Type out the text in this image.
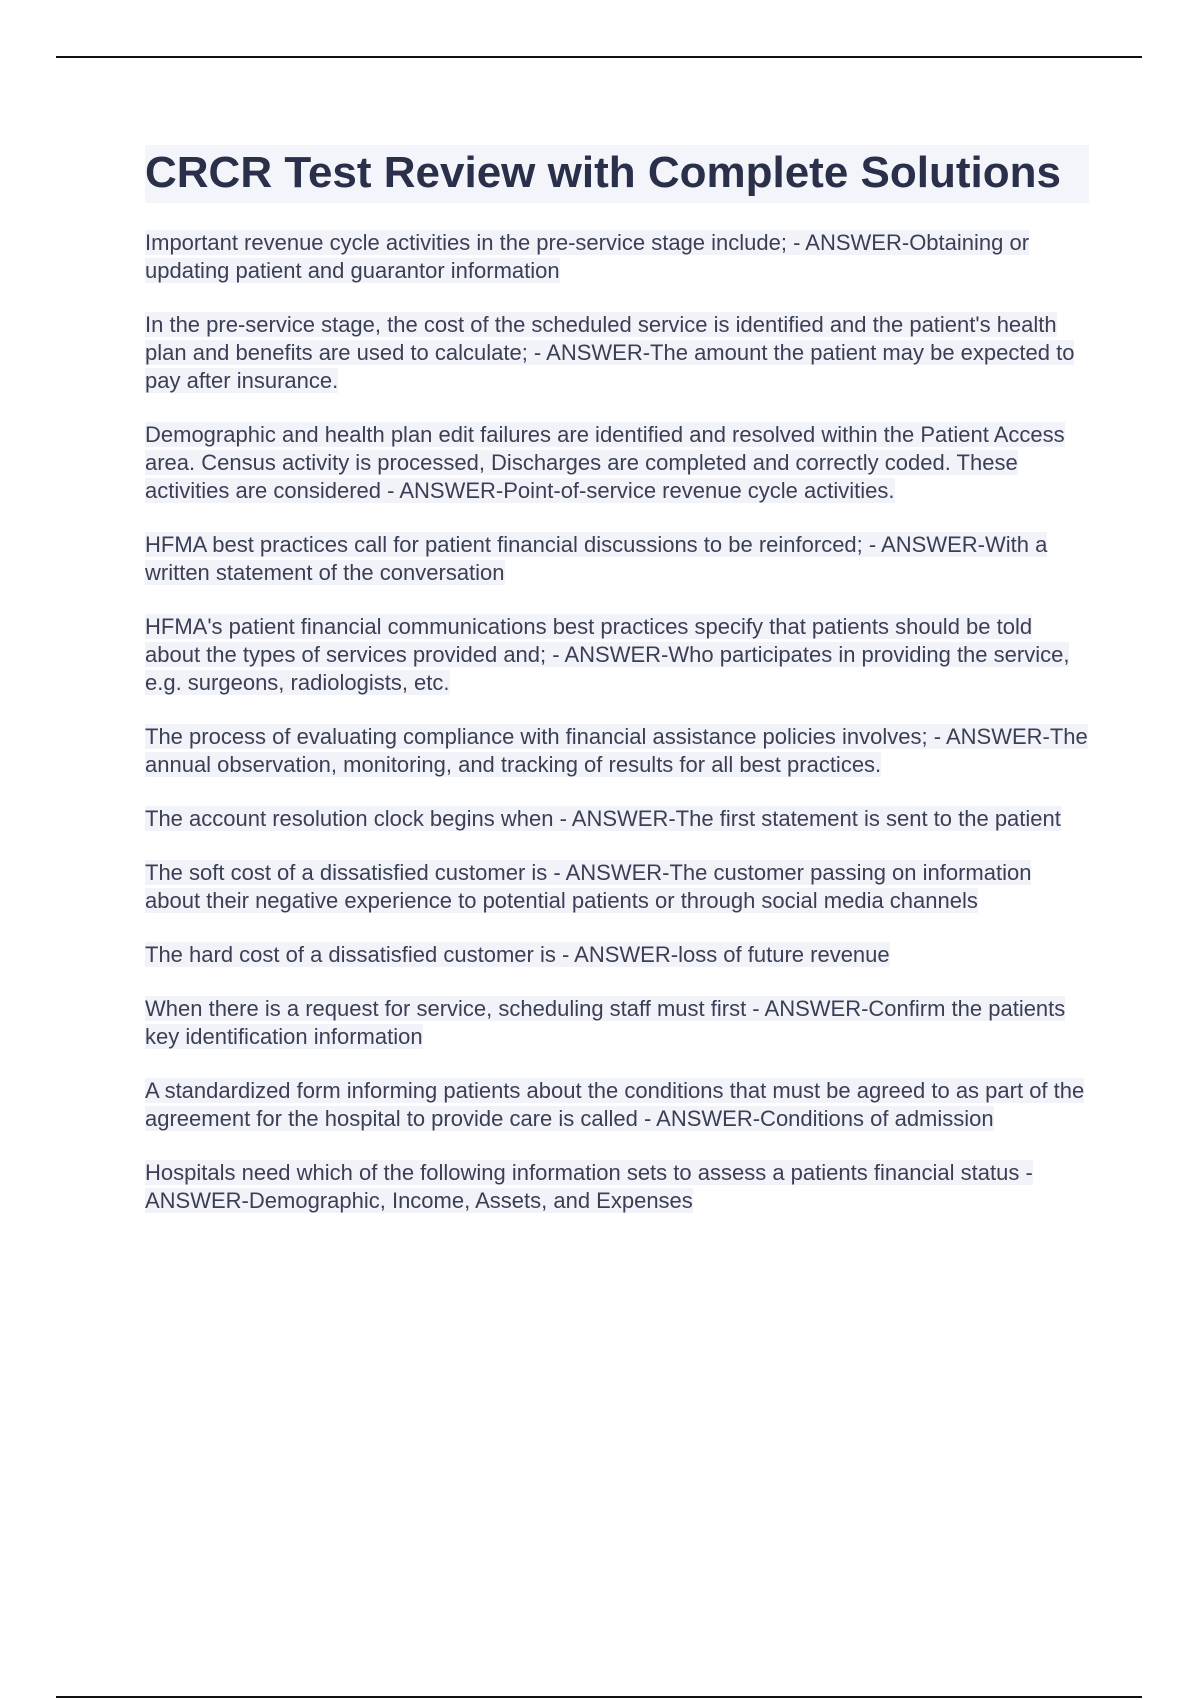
CRCR Test Review with Complete Solutions

Important revenue cycle activities in the pre-service stage include; - ANSWER-Obtaining or updating patient and guarantor information

In the pre-service stage, the cost of the scheduled service is identified and the patient's health plan and benefits are used to calculate; - ANSWER-The amount the patient may be expected to pay after insurance.

Demographic and health plan edit failures are identified and resolved within the Patient Access area. Census activity is processed, Discharges are completed and correctly coded. These activities are considered - ANSWER-Point-of-service revenue cycle activities.

HFMA best practices call for patient financial discussions to be reinforced; - ANSWER-With a written statement of the conversation

HFMA's patient financial communications best practices specify that patients should be told about the types of services provided and; - ANSWER-Who participates in providing the service, e.g. surgeons, radiologists, etc.

The process of evaluating compliance with financial assistance policies involves; - ANSWER-The annual observation, monitoring, and tracking of results for all best practices.

The account resolution clock begins when - ANSWER-The first statement is sent to the patient

The soft cost of a dissatisfied customer is - ANSWER-The customer passing on information about their negative experience to potential patients or through social media channels

The hard cost of a dissatisfied customer is - ANSWER-loss of future revenue

When there is a request for service, scheduling staff must first - ANSWER-Confirm the patients key identification information

A standardized form informing patients about the conditions that must be agreed to as part of the agreement for the hospital to provide care is called - ANSWER-Conditions of admission

Hospitals need which of the following information sets to assess a patients financial status - ANSWER-Demographic, Income, Assets, and Expenses
